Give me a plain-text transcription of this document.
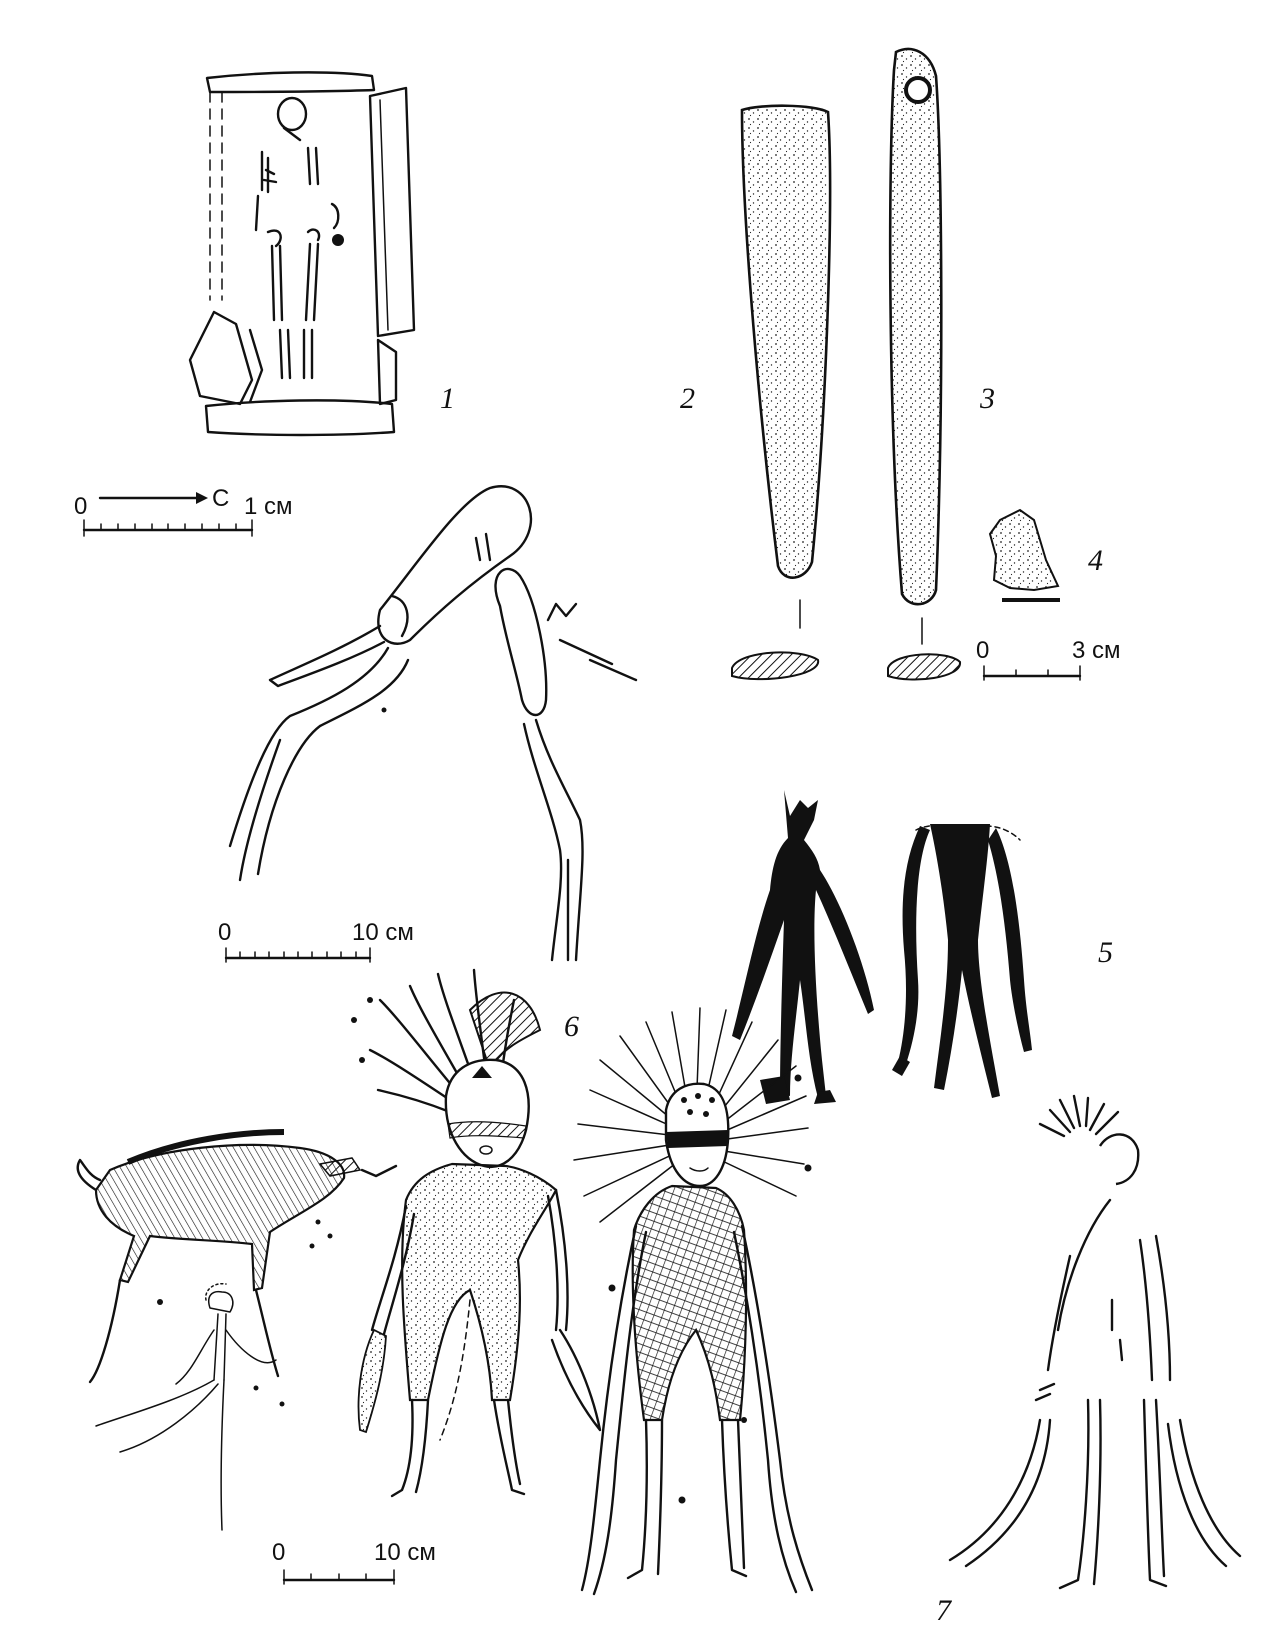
1
0	С 1 см
2	3
4
0	3 см
6
0	10 см
5
7
0	10 см
